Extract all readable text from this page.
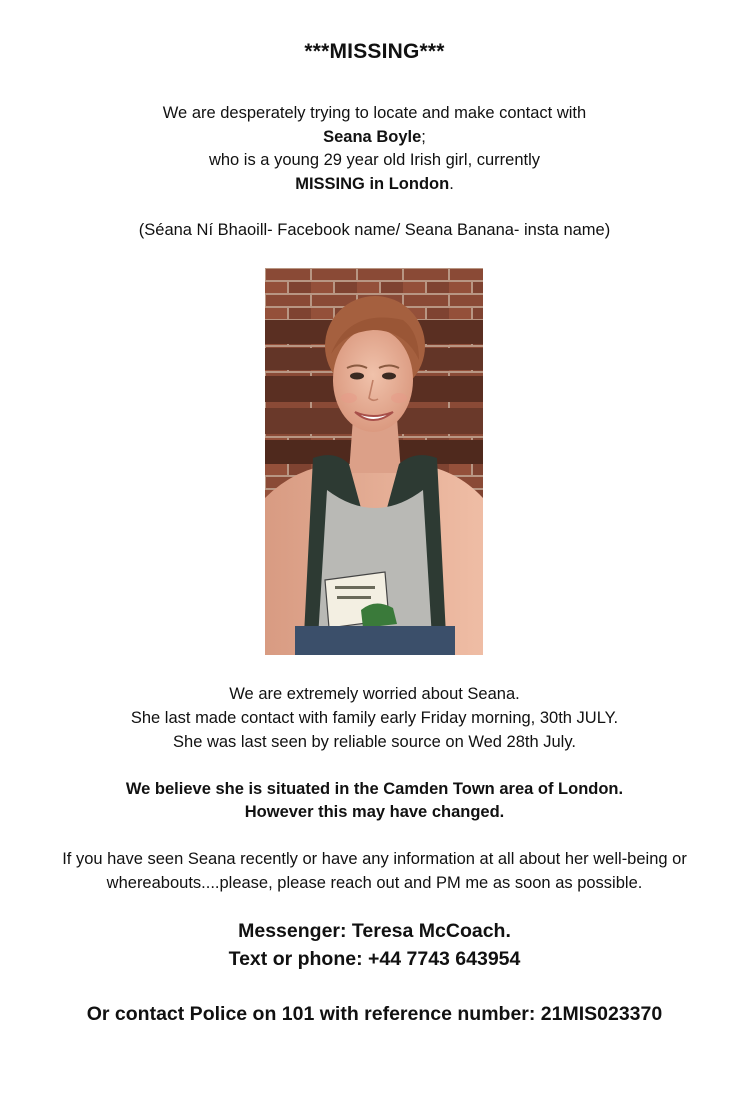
***MISSING***
We are desperately trying to locate and make contact with
Seana Boyle;
who is a young 29 year old Irish girl, currently
MISSING in London.
(Séana Ní Bhaoill- Facebook name/ Seana Banana- insta name)
We are extremely worried about Seana.
She last made contact with family early Friday morning, 30th JULY.
She was last seen by reliable source on Wed 28th July.
We believe she is situated in the Camden Town area of London.
However this may have changed.
If you have seen Seana recently or have any information at all about her well-being or
whereabouts....please, please reach out and PM me as soon as possible.
Messenger: Teresa McCoach.
Text or phone: +44 7743 643954
Or contact Police on 101 with reference number: 21MIS023370
